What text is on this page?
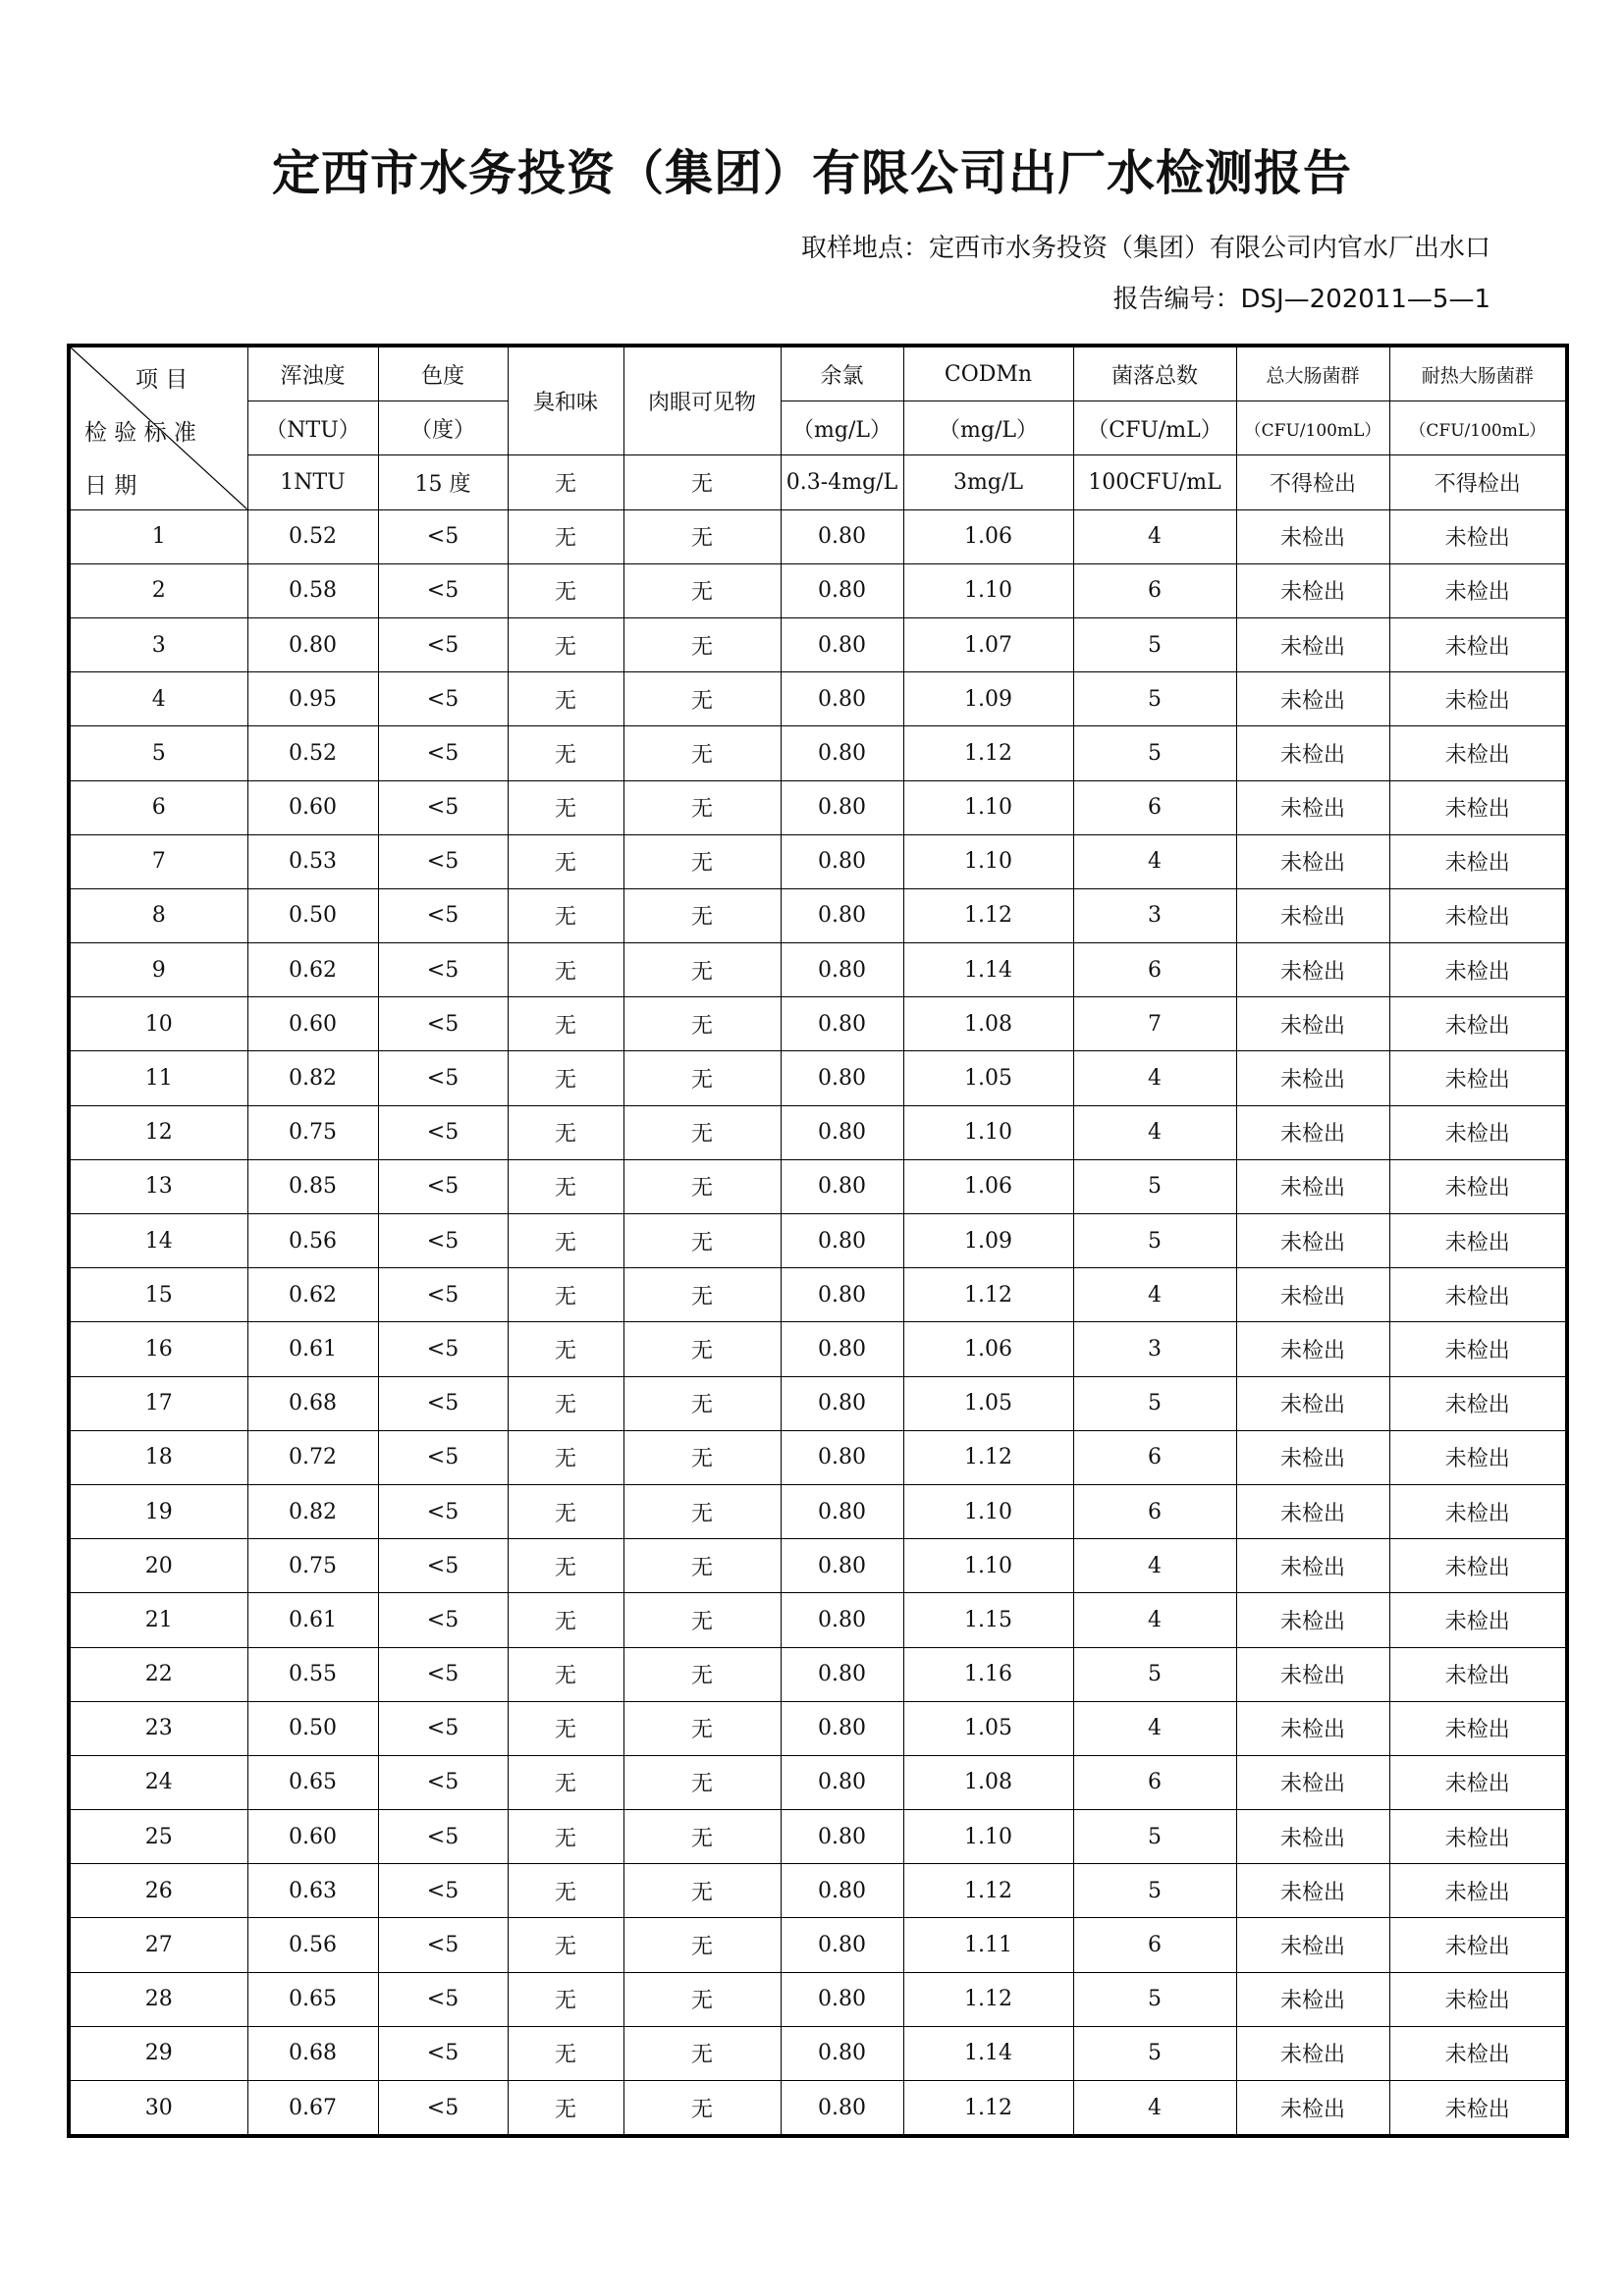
定西市水务投资（集团）有限公司出厂水检测报告
取样地点：定西市水务投资（集团）有限公司内官水厂出水口
报告编号：DSJ—202011—5—1
项 目
检 验 标 准
日 期	浑浊度	色度	臭和味	肉眼可见物	余氯	CODMn	菌落总数	总大肠菌群	耐热大肠菌群
	（NTU）	（度）			（mg/L）	（mg/L）	（CFU/mL）	（CFU/100mL）	（CFU/100mL）
	1NTU	15 度	无	无	0.3-4mg/L	3mg/L	100CFU/mL	不得检出	不得检出
1	0.52	<5	无	无	0.80	1.06	4	未检出	未检出
2	0.58	<5	无	无	0.80	1.10	6	未检出	未检出
3	0.80	<5	无	无	0.80	1.07	5	未检出	未检出
4	0.95	<5	无	无	0.80	1.09	5	未检出	未检出
5	0.52	<5	无	无	0.80	1.12	5	未检出	未检出
6	0.60	<5	无	无	0.80	1.10	6	未检出	未检出
7	0.53	<5	无	无	0.80	1.10	4	未检出	未检出
8	0.50	<5	无	无	0.80	1.12	3	未检出	未检出
9	0.62	<5	无	无	0.80	1.14	6	未检出	未检出
10	0.60	<5	无	无	0.80	1.08	7	未检出	未检出
11	0.82	<5	无	无	0.80	1.05	4	未检出	未检出
12	0.75	<5	无	无	0.80	1.10	4	未检出	未检出
13	0.85	<5	无	无	0.80	1.06	5	未检出	未检出
14	0.56	<5	无	无	0.80	1.09	5	未检出	未检出
15	0.62	<5	无	无	0.80	1.12	4	未检出	未检出
16	0.61	<5	无	无	0.80	1.06	3	未检出	未检出
17	0.68	<5	无	无	0.80	1.05	5	未检出	未检出
18	0.72	<5	无	无	0.80	1.12	6	未检出	未检出
19	0.82	<5	无	无	0.80	1.10	6	未检出	未检出
20	0.75	<5	无	无	0.80	1.10	4	未检出	未检出
21	0.61	<5	无	无	0.80	1.15	4	未检出	未检出
22	0.55	<5	无	无	0.80	1.16	5	未检出	未检出
23	0.50	<5	无	无	0.80	1.05	4	未检出	未检出
24	0.65	<5	无	无	0.80	1.08	6	未检出	未检出
25	0.60	<5	无	无	0.80	1.10	5	未检出	未检出
26	0.63	<5	无	无	0.80	1.12	5	未检出	未检出
27	0.56	<5	无	无	0.80	1.11	6	未检出	未检出
28	0.65	<5	无	无	0.80	1.12	5	未检出	未检出
29	0.68	<5	无	无	0.80	1.14	5	未检出	未检出
30	0.67	<5	无	无	0.80	1.12	4	未检出	未检出
